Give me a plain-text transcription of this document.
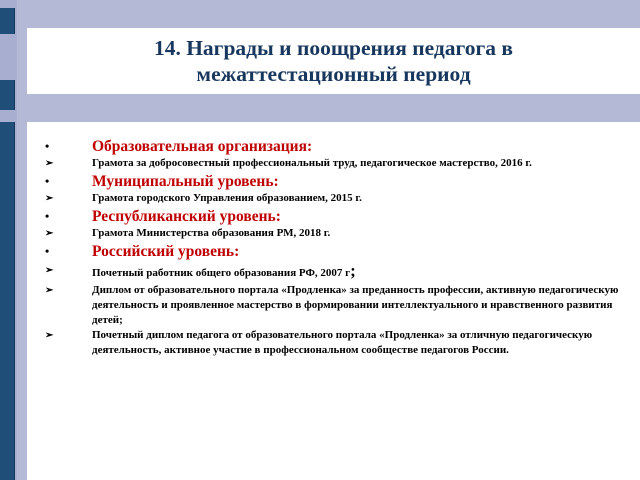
14. Награды и поощрения педагога в межаттестационный период
•	Образовательная организация:
➢	Грамота за добросовестный профессиональный труд, педагогическое мастерство, 2016 г.
•	Муниципальный уровень:
➢	Грамота городского Управления образованием, 2015 г.
•	Республиканский уровень:
➢	Грамота Министерства образования РМ, 2018 г.
•	Российский уровень:
➢	Почетный работник общего образования РФ, 2007 г;
➢	Диплом от образовательного портала «Продленка» за преданность профессии, активную педагогическую деятельность и проявленное мастерство в формировании интеллектуального и нравственного развития детей;
➢	Почетный диплом педагога от образовательного портала «Продленка» за отличную педагогическую деятельность, активное участие в профессиональном сообществе педагогов России.
